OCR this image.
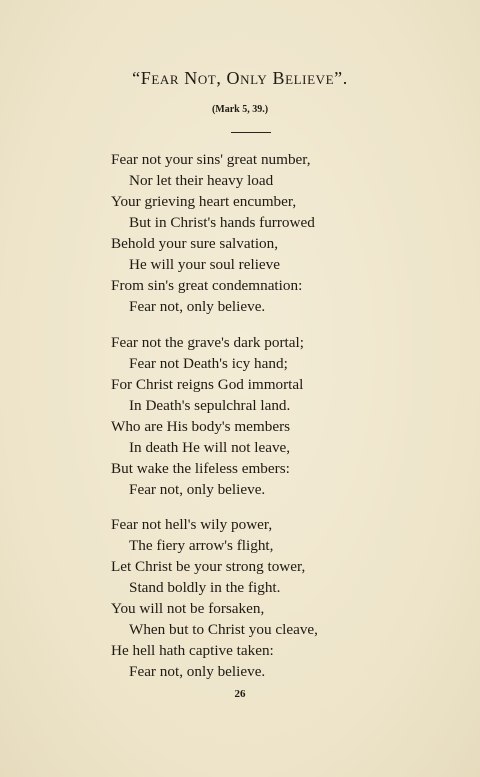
“Fear Not, Only Believe”.
(Mark 5, 39.)
Fear not your sins' great number,
Nor let their heavy load
Your grieving heart encumber,
But in Christ's hands furrowed
Behold your sure salvation,
He will your soul relieve
From sin's great condemnation:
Fear not, only believe.
Fear not the grave's dark portal;
Fear not Death's icy hand;
For Christ reigns God immortal
In Death's sepulchral land.
Who are His body's members
In death He will not leave,
But wake the lifeless embers:
Fear not, only believe.
Fear not hell's wily power,
The fiery arrow's flight,
Let Christ be your strong tower,
Stand boldly in the fight.
You will not be forsaken,
When but to Christ you cleave,
He hell hath captive taken:
Fear not, only believe.
26
